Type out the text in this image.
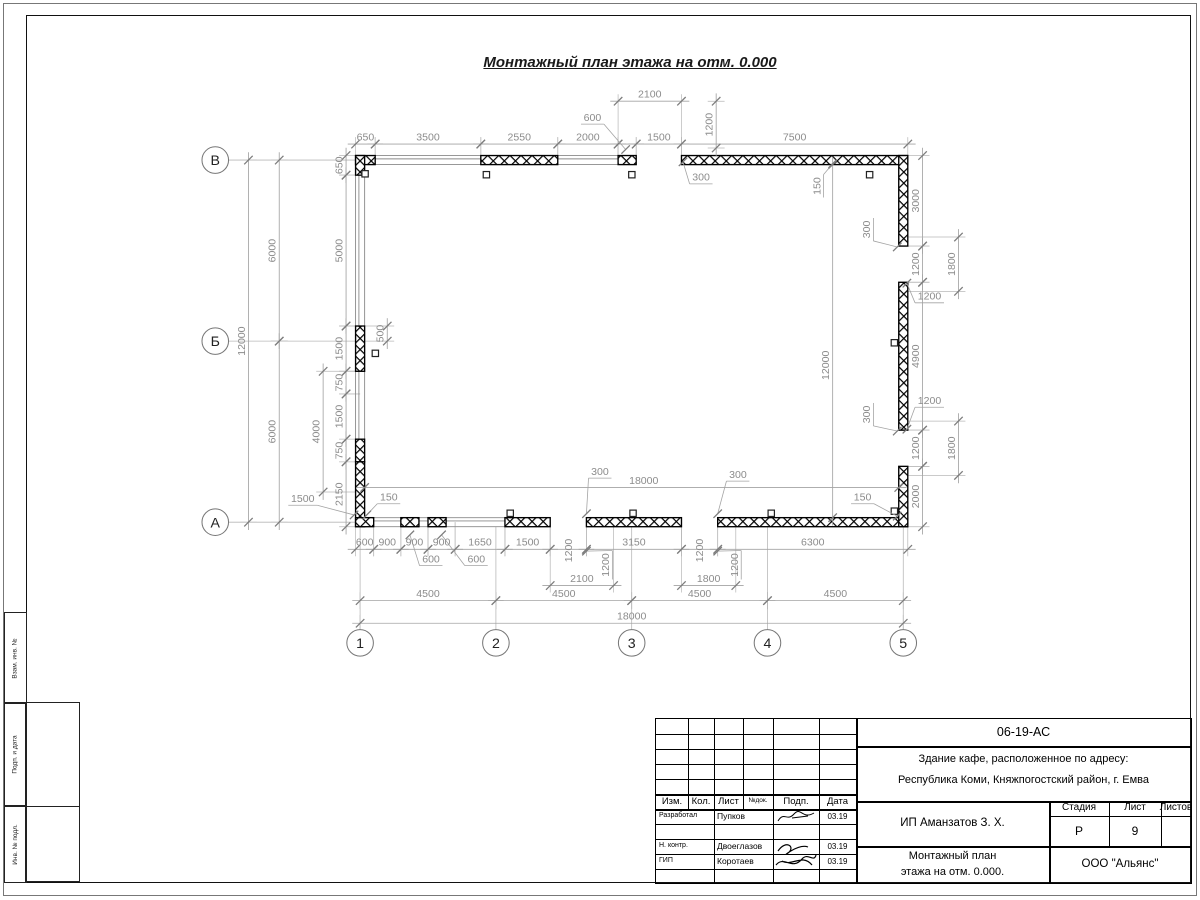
Взам. инв. №
Подп. и дата
Инв. № подл.
Монтажный план этажа на отм. 0.000
1 2 3 4 5
В
Б
А
650 3500 2550 2000 1500 7500
2100
1200
600 900 900 900 1650 1500 1200 3150 1200 6300
2100 1800
4500 4500 4500 4500
18000
18000
650
5000
1500
750
1500
750
2150
4000
6000
6000
12000 500
3000
1200
4900
1200
2000
1800
1800
12000
600
300 150
300
1200
1200
300
150
150
1500
300 300
600 600 1200 1200
Изм. Кол. Лист	№док.	Подп.	Дата
Разработал	Пупков	03.19
Н. контр.	Двоеглазов	03.19
ГИП	Коротаев	03.19
06-19-АС
Здание кафе, расположенное по адресу:
Республика Коми, Княжпогостский район, г. Емва
ИП Аманзатов З. Х.
Стадия	Лист	Листов
Р	9
Монтажный план
этажа на отм. 0.000.
ООО "Альянс"
